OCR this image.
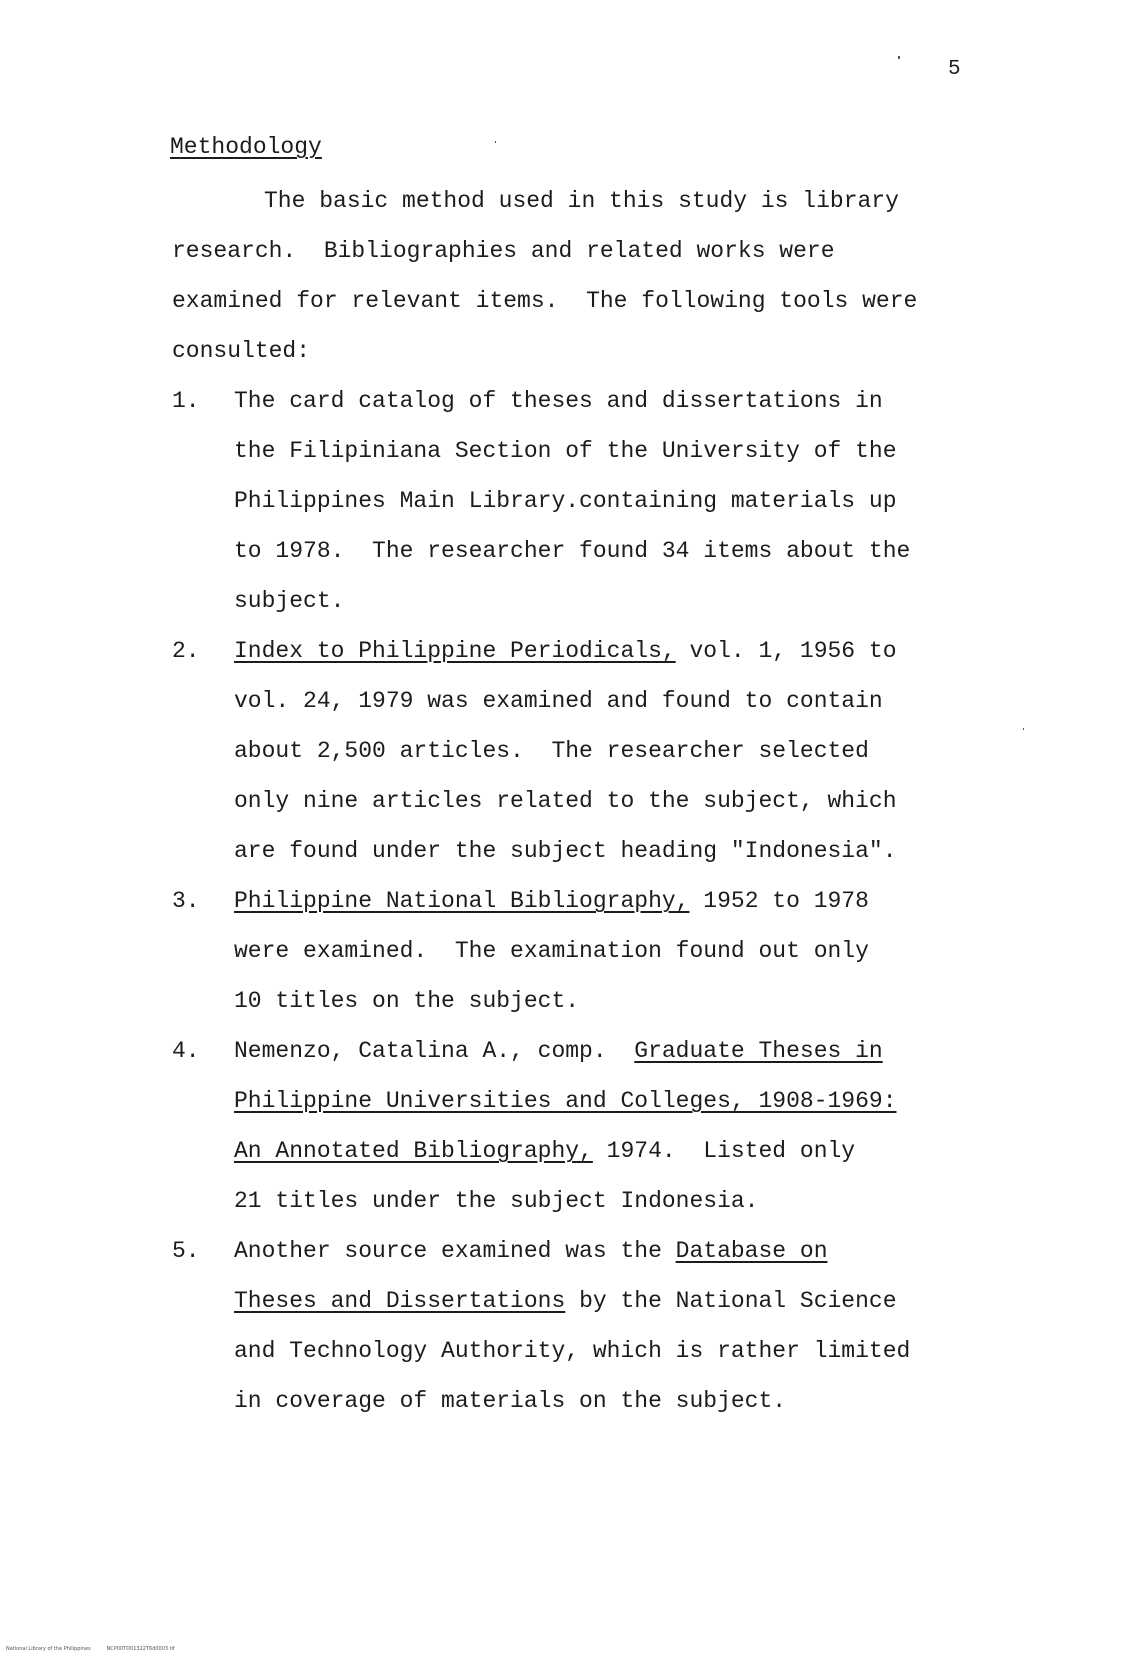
5
Methodology

The basic method used in this study is library
research.  Bibliographies and related works were
examined for relevant items.  The following tools were
consulted:

1. The card catalog of theses and dissertations in
the Filipiniana Section of the University of the
Philippines Main Library.containing materials up
to 1978.  The researcher found 34 items about the
subject.
2. Index to Philippine Periodicals, vol. 1, 1956 to
vol. 24, 1979 was examined and found to contain
about 2,500 articles.  The researcher selected
only nine articles related to the subject, which
are found under the subject heading "Indonesia".
3. Philippine National Bibliography, 1952 to 1978
were examined.  The examination found out only
10 titles on the subject.
4. Nemenzo, Catalina A., comp.  Graduate Theses in
Philippine Universities and Colleges, 1908-1969:
An Annotated Bibliography, 1974.  Listed only
21 titles under the subject Indonesia.
5. Another source examined was the Database on
Theses and Dissertations by the National Science
and Technology Authority, which is rather limited
in coverage of materials on the subject.
National Library of the Philippines	NCP00TD01322T6d0003 tif
